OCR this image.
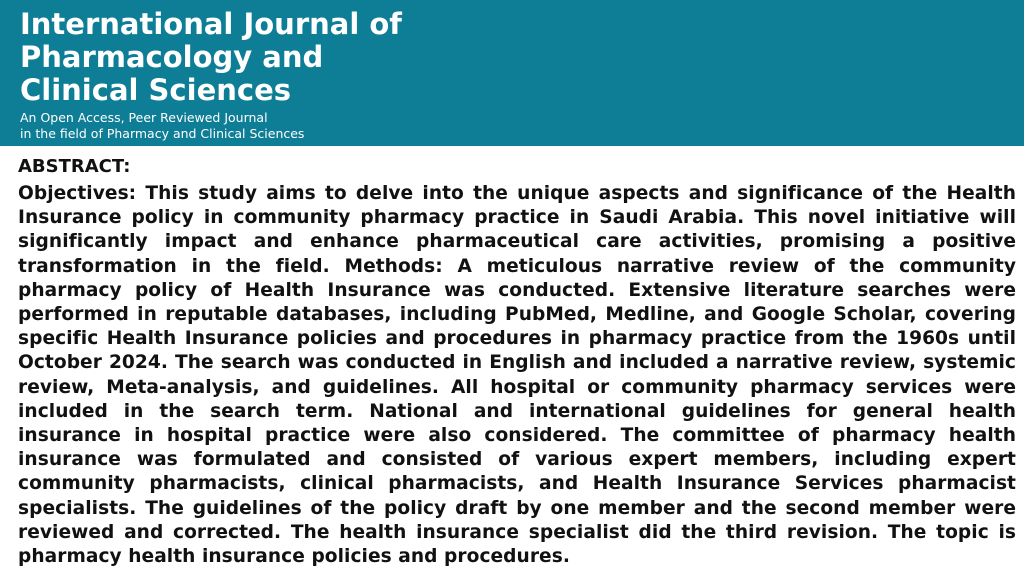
International Journal of
Pharmacology and
Clinical Sciences
An Open Access, Peer Reviewed Journal
in the field of Pharmacy and Clinical Sciences
ABSTRACT:

Objectives: This study aims to delve into the unique aspects and significance of the Health Insurance policy in community pharmacy practice in Saudi Arabia. This novel initiative will significantly impact and enhance pharmaceutical care activities, promising a positive transformation in the field. Methods: A meticulous narrative review of the community pharmacy policy of Health Insurance was conducted. Extensive literature searches were performed in reputable databases, including PubMed, Medline, and Google Scholar, covering specific Health Insurance policies and procedures in pharmacy practice from the 1960s until October 2024. The search was conducted in English and included a narrative review, systemic review, Meta-analysis, and guidelines. All hospital or community pharmacy services were included in the search term. National and international guidelines for general health insurance in hospital practice were also considered. The committee of pharmacy health insurance was formulated and consisted of various expert members, including expert community pharmacists, clinical pharmacists, and Health Insurance Services pharmacist specialists. The guidelines of the policy draft by one member and the second member were reviewed and corrected. The health insurance specialist did the third revision. The topic is pharmacy health insurance policies and procedures.
